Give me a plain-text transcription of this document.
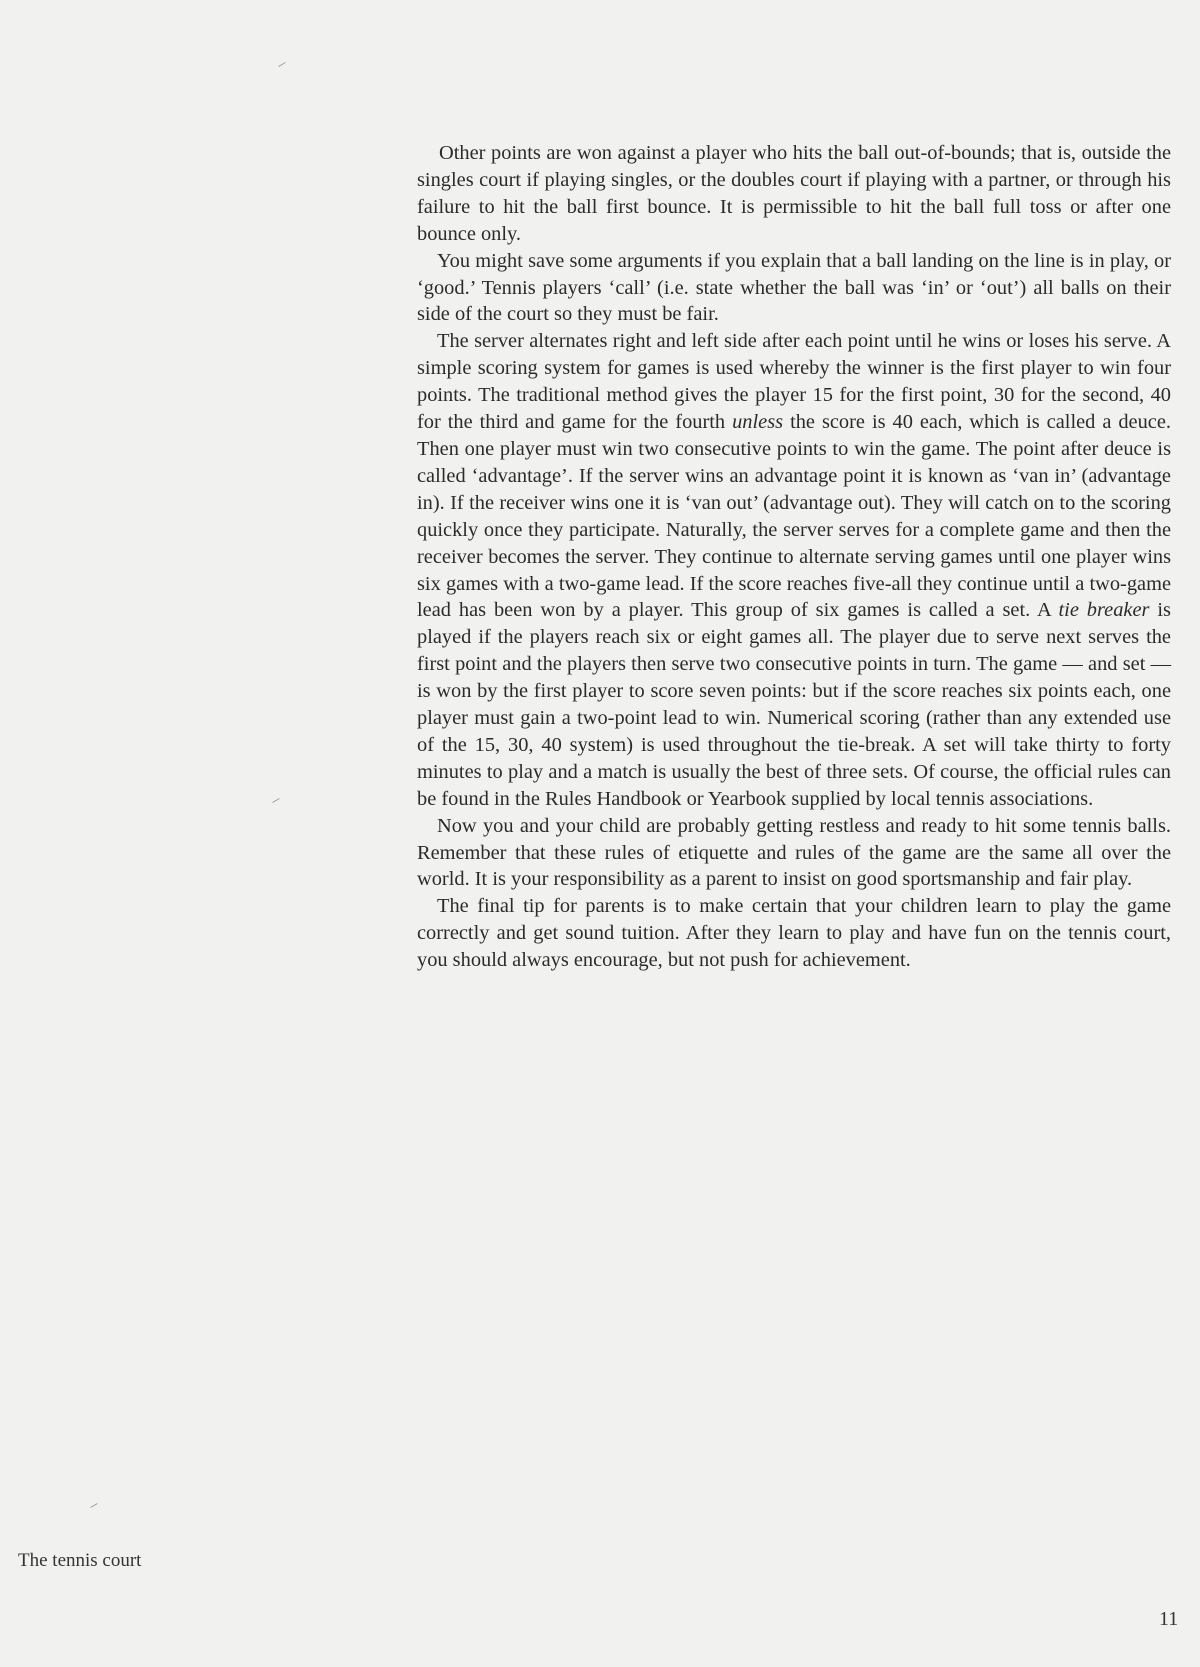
Other points are won against a player who hits the ball out-of-bounds; that is, outside the singles court if playing singles, or the doubles court if playing with a partner, or through his failure to hit the ball first bounce. It is permissible to hit the ball full toss or after one bounce only.

You might save some arguments if you explain that a ball landing on the line is in play, or ‘good.’ Tennis players ‘call’ (i.e. state whether the ball was ‘in’ or ‘out’) all balls on their side of the court so they must be fair.

The server alternates right and left side after each point until he wins or loses his serve. A simple scoring system for games is used whereby the winner is the first player to win four points. The traditional method gives the player 15 for the first point, 30 for the second, 40 for the third and game for the fourth unless the score is 40 each, which is called a deuce. Then one player must win two consecutive points to win the game. The point after deuce is called ‘advantage’. If the server wins an advantage point it is known as ‘van in’ (advantage in). If the receiver wins one it is ‘van out’ (advantage out). They will catch on to the scoring quickly once they participate. Naturally, the server serves for a complete game and then the receiver becomes the server. They continue to alternate serving games until one player wins six games with a two-game lead. If the score reaches five-all they continue until a two-game lead has been won by a player. This group of six games is called a set. A tie breaker is played if the players reach six or eight games all. The player due to serve next serves the first point and the players then serve two consecutive points in turn. The game — and set — is won by the first player to score seven points: but if the score reaches six points each, one player must gain a two-point lead to win. Numerical scoring (rather than any extended use of the 15, 30, 40 system) is used throughout the tie-break. A set will take thirty to forty minutes to play and a match is usually the best of three sets. Of course, the official rules can be found in the Rules Handbook or Yearbook supplied by local tennis associations.

Now you and your child are probably getting restless and ready to hit some tennis balls. Remember that these rules of etiquette and rules of the game are the same all over the world. It is your responsibility as a parent to insist on good sportsmanship and fair play.

The final tip for parents is to make certain that your children learn to play the game correctly and get sound tuition. After they learn to play and have fun on the tennis court, you should always encourage, but not push for achievement.

The tennis court
11
